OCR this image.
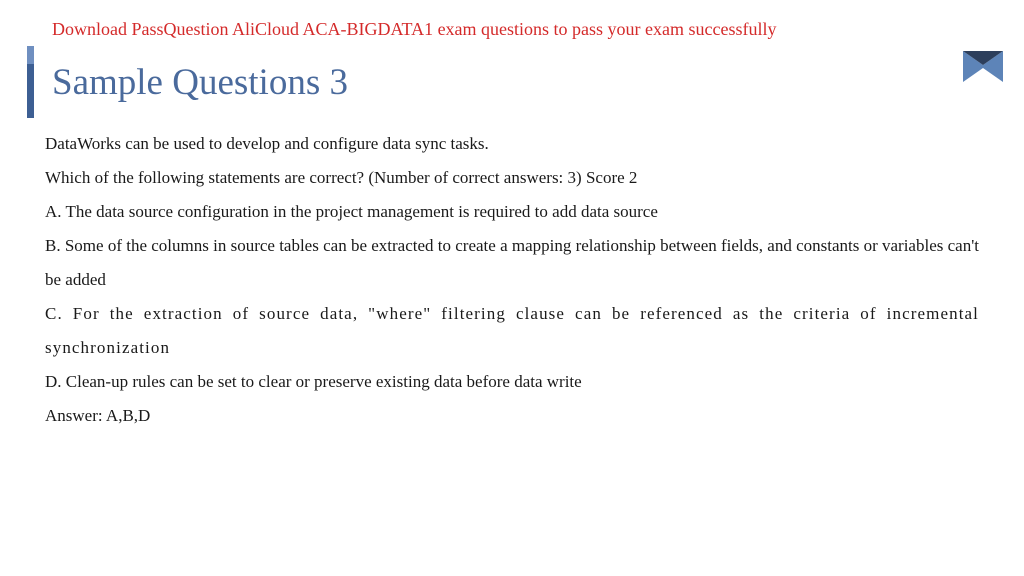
Download PassQuestion AliCloud ACA-BIGDATA1 exam questions to pass your exam successfully
Sample Questions 3

DataWorks can be used to develop and configure data sync tasks.

Which of the following statements are correct? (Number of correct answers: 3) Score 2

A. The data source configuration in the project management is required to add data source

B. Some of the columns in source tables can be extracted to create a mapping relationship between fields, and constants or variables can't be added

C. For the extraction of source data, "where" filtering clause can be referenced as the criteria of incremental synchronization

D. Clean-up rules can be set to clear or preserve existing data before data write

Answer: A,B,D
